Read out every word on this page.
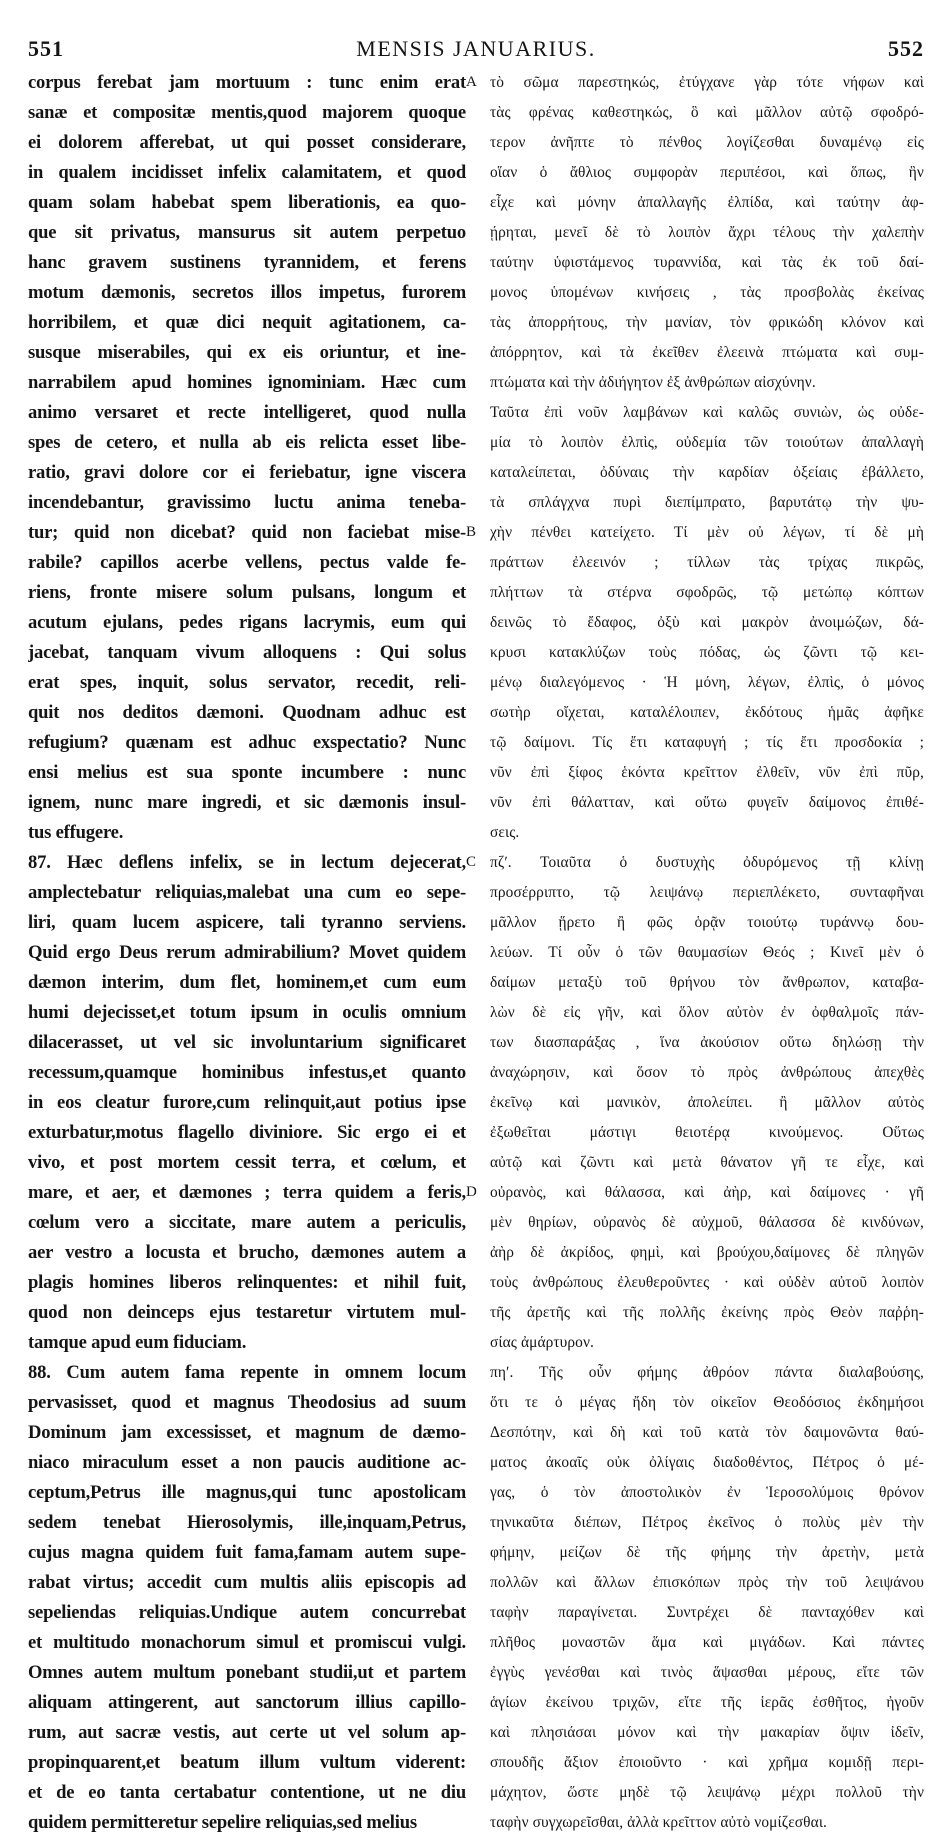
551	MENSIS JANUARIUS.	552
corpus ferebat jam mortuum : tunc enim erat
sanæ et compositæ mentis,quod majorem quoque
ei dolorem afferebat, ut qui posset considerare,
in qualem incidisset infelix calamitatem, et quod
quam solam habebat spem liberationis, ea quo-
que sit privatus, mansurus sit autem perpetuo
hanc gravem sustinens tyrannidem, et ferens
motum dæmonis, secretos illos impetus, furorem
horribilem, et quæ dici nequit agitationem, ca-
susque miserabiles, qui ex eis oriuntur, et ine-
narrabilem apud homines ignominiam. Hæc cum
animo versaret et recte intelligeret, quod nulla
spes de cetero, et nulla ab eis relicta esset libe-
ratio, gravi dolore cor ei feriebatur, igne viscera
incendebantur, gravissimo luctu anima teneba-
tur; quid non dicebat? quid non faciebat mise-
rabile? capillos acerbe vellens, pectus valde fe-
riens, fronte misere solum pulsans, longum et
acutum ejulans, pedes rigans lacrymis, eum qui
jacebat, tanquam vivum alloquens : Qui solus
erat spes, inquit, solus servator, recedit, reli-
quit nos deditos dæmoni. Quodnam adhuc est
refugium? quænam est adhuc exspectatio? Nunc
ensi melius est sua sponte incumbere : nunc
ignem, nunc mare ingredi, et sic dæmonis insul-
tus effugere.
87. Hæc deflens infelix, se in lectum dejecerat,
amplectebatur reliquias,malebat una cum eo sepe-
liri, quam lucem aspicere, tali tyranno serviens.
Quid ergo Deus rerum admirabilium? Movet quidem
dæmon interim, dum flet, hominem,et cum eum
humi dejecisset,et totum ipsum in oculis omnium
dilacerasset, ut vel sic involuntarium significaret
recessum,quamque hominibus infestus,et quanto
in eos cleatur furore,cum relinquit,aut potius ipse
exturbatur,motus flagello diviniore. Sic ergo ei et
vivo, et post mortem cessit terra, et cœlum, et
mare, et aer, et dæmones ; terra quidem a feris,
cœlum vero a siccitate, mare autem a periculis,
aer vestro a locusta et brucho, dæmones autem a
plagis homines liberos relinquentes: et nihil fuit,
quod non deinceps ejus testaretur virtutem mul-
tamque apud eum fiduciam.
88. Cum autem fama repente in omnem locum
pervasisset, quod et magnus Theodosius ad suum
Dominum jam excessisset, et magnum de dæmo-
niaco miraculum esset a non paucis auditione ac-
ceptum,Petrus ille magnus,qui tunc apostolicam
sedem tenebat Hierosolymis, ille,inquam,Petrus,
cujus magna quidem fuit fama,famam autem supe-
rabat virtus; accedit cum multis aliis episcopis ad
sepeliendas reliquias.Undique autem concurrebat
et multitudo monachorum simul et promiscui vulgi.
Omnes autem multum ponebant studii,ut et partem
aliquam attingerent, aut sanctorum illius capillo-
rum, aut sacræ vestis, aut certe ut vel solum ap-
propinquarent,et beatum illum vultum viderent:
et de eo tanta certabatur contentione, ut ne diu
quidem permitteretur sepelire reliquias,sed melius
τὸ σῶμα παρεστηκώς, ἐτύγχανε γὰρ τότε νήφων καὶ
τὰς φρένας καθεστηκώς, ὃ καὶ μᾶλλον αὐτῷ σφοδρό-
τερον ἀνῆπτε τὸ πένθος λογίζεσθαι δυναμένῳ εἰς
οἵαν ὁ ἄθλιος συμφορὰν περιπέσοι, καὶ ὅπως, ἣν
εἶχε καὶ μόνην ἀπαλλαγῆς ἐλπίδα, καὶ ταύτην ἀφ-
ῄρηται, μενεῖ δὲ τὸ λοιπὸν ἄχρι τέλους τὴν χαλεπὴν
ταύτην ὑφιστάμενος τυραννίδα, καὶ τὰς ἐκ τοῦ δαί-
μονος ὑπομένων κινήσεις , τὰς προσβολὰς ἐκείνας
τὰς ἀπορρήτους, τὴν μανίαν, τὸν φρικώδη κλόνον καὶ
ἀπόρρητον, καὶ τὰ ἐκεῖθεν ἐλεεινὰ πτώματα καὶ συμ-
πτώματα καὶ τὴν ἀδιήγητον ἐξ ἀνθρώπων αἰσχύνην.
Ταῦτα ἐπὶ νοῦν λαμβάνων καὶ καλῶς συνιὼν, ὡς οὐδε-
μία τὸ λοιπὸν ἐλπὶς, οὐδεμία τῶν τοιούτων ἀπαλλαγὴ
καταλείπεται, ὀδύναις τὴν καρδίαν ὀξείαις ἐβάλλετο,
τὰ σπλάγχνα πυρὶ διεπίμπρατο, βαρυτάτῳ τὴν ψυ-
χὴν πένθει κατείχετο. Τί μὲν οὐ λέγων, τί δὲ μὴ
πράττων ἐλεεινόν ; τίλλων τὰς τρίχας πικρῶς,
πλήττων τὰ στέρνα σφοδρῶς, τῷ μετώπῳ κόπτων
δεινῶς τὸ ἔδαφος, ὀξὺ καὶ μακρὸν ἀνοιμώζων, δά-
κρυσι κατακλύζων τοὺς πόδας, ὡς ζῶντι τῷ κει-
μένῳ διαλεγόμενος · Ἡ μόνη, λέγων, ἐλπὶς, ὁ μόνος
σωτὴρ οἴχεται, καταλέλοιπεν, ἐκδότους ἡμᾶς ἀφῆκε
τῷ δαίμονι. Τίς ἔτι καταφυγή ; τίς ἔτι προσδοκία ;
νῦν ἐπὶ ξίφος ἑκόντα κρεῖττον ἐλθεῖν, νῦν ἐπὶ πῦρ,
νῦν ἐπὶ θάλατταν, καὶ οὕτω φυγεῖν δαίμονος ἐπιθέ-
σεις.
πζʹ. Τοιαῦτα ὁ δυστυχὴς ὀδυρόμενος τῇ κλίνῃ
προσέρριπτο, τῷ λειψάνῳ περιεπλέκετο, συνταφῆναι
μᾶλλον ᾕρετο ἢ φῶς ὁρᾷν τοιούτῳ τυράννῳ δου-
λεύων. Τί οὖν ὁ τῶν θαυμασίων Θεός ; Κινεῖ μὲν ὁ
δαίμων μεταξὺ τοῦ θρήνου τὸν ἄνθρωπον, καταβα-
λὼν δὲ εἰς γῆν, καὶ ὅλον αὐτὸν ἐν ὀφθαλμοῖς πάν-
των διασπαράξας , ἵνα ἀκούσιον οὕτω δηλώσῃ τὴν
ἀναχώρησιν, καὶ ὅσον τὸ πρὸς ἀνθρώπους ἀπεχθὲς
ἐκεῖνῳ καὶ μανικὸν, ἀπολείπει. ἢ μᾶλλον αὐτὸς
ἐξωθεῖται μάστιγι θειοτέρᾳ κινούμενος. Οὕτως
αὐτῷ καὶ ζῶντι καὶ μετὰ θάνατον γῆ τε εἶχε, καὶ
οὐρανὸς, καὶ θάλασσα, καὶ ἀὴρ, καὶ δαίμονες · γῆ
μὲν θηρίων, οὐρανὸς δὲ αὐχμοῦ, θάλασσα δὲ κινδύνων,
ἀὴρ δὲ ἀκρίδος, φημὶ, καὶ βρούχου,δαίμονες δὲ πληγῶν
τοὺς ἀνθρώπους ἐλευθεροῦντες · καὶ οὐδὲν αὐτοῦ λοιπὸν
τῆς ἀρετῆς καὶ τῆς πολλῆς ἐκείνης πρὸς Θεὸν παῤῥη-
σίας ἀμάρτυρον.
πηʹ. Τῆς οὖν φήμης ἀθρόον πάντα διαλαβούσης,
ὅτι τε ὁ μέγας ἤδη τὸν οἰκεῖον Θεοδόσιος ἐκδημήσοι
Δεσπότην, καὶ δὴ καὶ τοῦ κατὰ τὸν δαιμονῶντα θαύ-
ματος ἀκοαῖς οὐκ ὀλίγαις διαδοθέντος, Πέτρος ὁ μέ-
γας, ὁ τὸν ἀποστολικὸν ἐν Ἱεροσολύμοις θρόνον
τηνικαῦτα διέπων, Πέτρος ἐκεῖνος ὁ πολὺς μὲν τὴν
φήμην, μείζων δὲ τῆς φήμης τὴν ἀρετὴν, μετὰ
πολλῶν καὶ ἄλλων ἐπισκόπων πρὸς τὴν τοῦ λειψάνου
ταφὴν παραγίνεται. Συντρέχει δὲ πανταχόθεν καὶ
πλῆθος μοναστῶν ἅμα καὶ μιγάδων. Καὶ πάντες
ἐγγὺς γενέσθαι καὶ τινὸς ἅψασθαι μέρους, εἴτε τῶν
ἁγίων ἐκείνου τριχῶν, εἴτε τῆς ἱερᾶς ἐσθῆτος, ἠγοῦν
καὶ πλησιάσαι μόνον καὶ τὴν μακαρίαν ὄψιν ἰδεῖν,
σπουδῆς ἄξιον ἐποιοῦντο · καὶ χρῆμα κομιδῇ περι-
μάχητον, ὥστε μηδὲ τῷ λειψάνῳ μέχρι πολλοῦ τὴν
ταφὴν συγχωρεῖσθαι, ἀλλὰ κρεῖττον αὐτὸ νομίζεσθαι.
A
B
C
D
